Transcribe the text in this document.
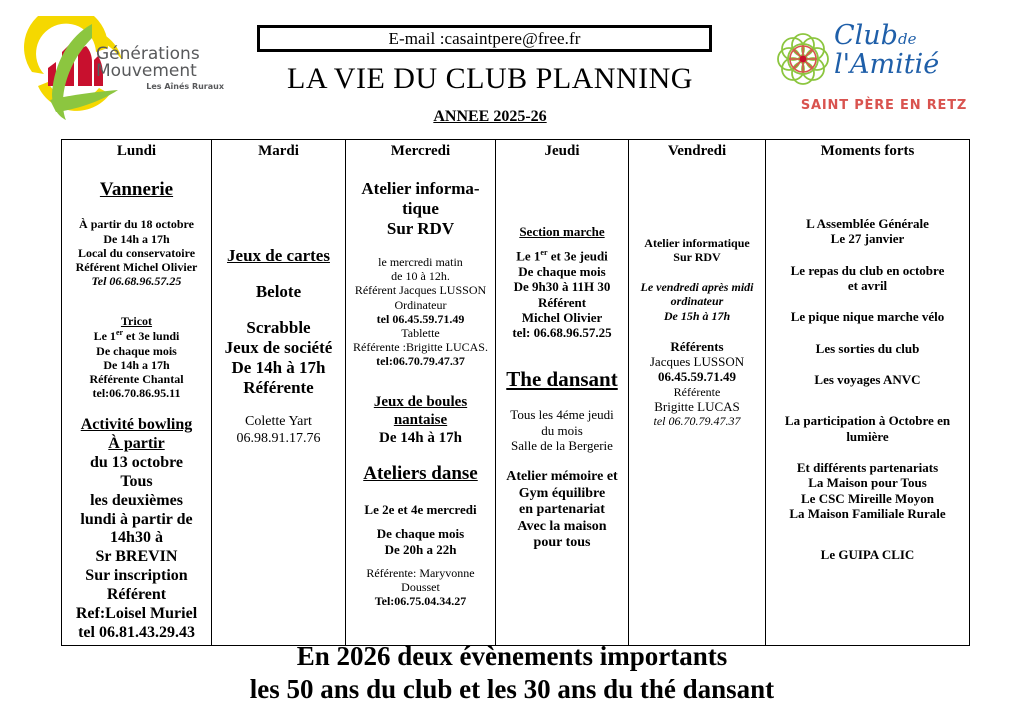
Générations
Mouvement
Les Aînés Ruraux
E-mail :casaintpere@free.fr
LA VIE DU CLUB PLANNING
ANNEE 2025-26
Clubde
l'Amitié
SAINT PÈRE EN RETZ
Lundi	Mardi	Mercredi	Jeudi	Vendredi	Moments forts

Vannerie
À partir du 18 octobre
De 14h a 17h
Local du conservatoire
Référent Michel Olivier
Tel 06.68.96.57.25
Tricot
Le 1er et 3e lundi
De chaque mois
De 14h a 17h
Référente Chantal
tel:06.70.86.95.11
Activité bowling
À partir
du 13 octobre
Tous
les deuxièmes
lundi à partir de
14h30 à
Sr BREVIN
Sur inscription
Référent
Ref:Loisel Muriel
tel 06.81.43.29.43

Jeux de cartes
Belote
Scrabble
Jeux de société
De 14h à 17h
Référente
Colette Yart
06.98.91.17.76

Atelier informa-
tique
Sur RDV
le mercredi matin
de 10 à 12h.
Référent Jacques LUSSON
Ordinateur
tel 06.45.59.71.49
Tablette
Référente :Brigitte LUCAS.
tel:06.70.79.47.37
Jeux de boules
nantaise
De 14h à 17h
Ateliers danse
Le 2e et 4e mercredi
De chaque mois
De 20h a 22h
Référente: Maryvonne
Dousset
Tel:06.75.04.34.27

Section marche
Le 1er et 3e jeudi
De chaque mois
De 9h30 à 11H 30
Référent
Michel Olivier
tel: 06.68.96.57.25
The dansant
Tous les 4éme jeudi
du mois
Salle de la Bergerie
Atelier mémoire et
Gym équilibre
en partenariat
Avec la maison
pour tous

Atelier informatique
Sur RDV
Le vendredi après midi
ordinateur
De 15h à 17h
Référents
Jacques LUSSON
06.45.59.71.49
Référente
Brigitte LUCAS
tel 06.70.79.47.37

L Assemblée Générale
Le 27 janvier
Le repas du club en octobre
et avril
Le pique nique marche vélo
Les sorties du club
Les voyages ANVC
La participation à Octobre en
lumière
Et différents partenariats
La Maison pour Tous
Le CSC Mireille Moyon
La Maison Familiale Rurale
Le GUIPA CLIC
En 2026 deux évènements importants
les 50 ans du club et les 30 ans du thé dansant
